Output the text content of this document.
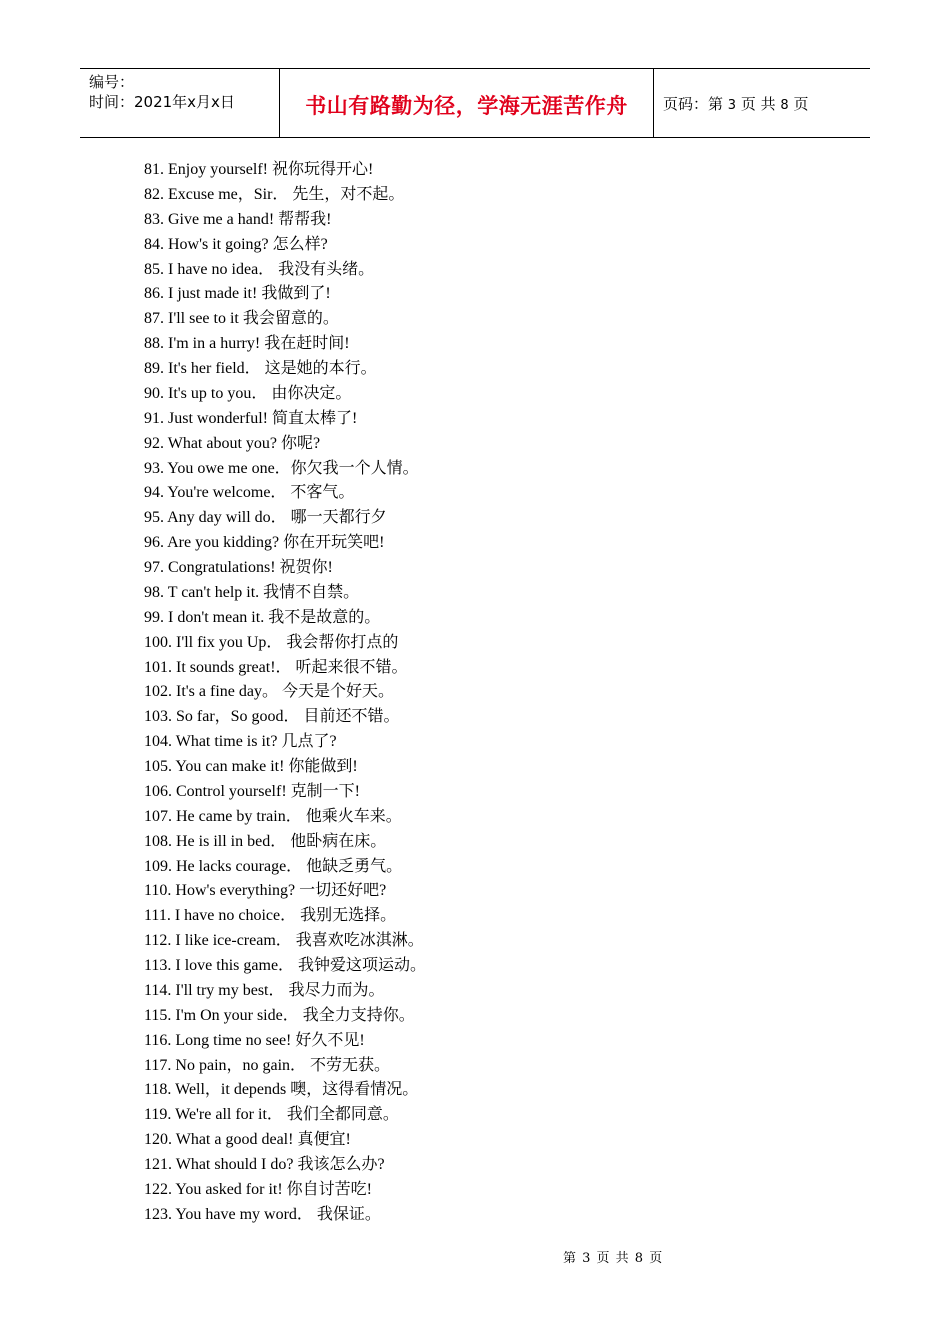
编号：
时间：2021年x月x日	书山有路勤为径，学海无涯苦作舟	页码：第 3 页 共 8 页
81. Enjoy yourself! 祝你玩得开心!
82. Excuse me，Sir． 先生，对不起。
83. Give me a hand! 帮帮我!
84. How's it going? 怎么样?
85. I have no idea． 我没有头绪。
86. I just made it! 我做到了!
87. I'll see to it 我会留意的。
88. I'm in a hurry! 我在赶时间!
89. It's her field． 这是她的本行。
90. It's up to you． 由你决定。
91. Just wonderful! 简直太棒了!
92. What about you? 你呢?
93. You owe me one．你欠我一个人情。
94. You're welcome． 不客气。
95. Any day will do． 哪一天都行夕
96. Are you kidding? 你在开玩笑吧!
97. Congratulations! 祝贺你!
98. T can't help it. 我情不自禁。
99. I don't mean it. 我不是故意的。
100. I'll fix you Up． 我会帮你打点的
101. It sounds great!． 听起来很不错。
102. It's a fine day。 今天是个好天。
103. So far，So good． 目前还不错。
104. What time is it? 几点了?
105. You can make it! 你能做到!
106. Control yourself! 克制一下!
107. He came by train． 他乘火车来。
108. He is ill in bed． 他卧病在床。
109. He lacks courage． 他缺乏勇气。
110. How's everything? 一切还好吧?
111. I have no choice． 我别无选择。
112. I like ice-cream． 我喜欢吃冰淇淋。
113. I love this game． 我钟爱这项运动。
114. I'll try my best． 我尽力而为。
115. I'm On your side． 我全力支持你。
116. Long time no see! 好久不见!
117. No pain，no gain． 不劳无获。
118. Well，it depends 噢，这得看情况。
119. We're all for it． 我们全都同意。
120. What a good deal! 真便宜!
121. What should I do? 我该怎么办?
122. You asked for it! 你自讨苦吃!
123. You have my word． 我保证。
第 3 页 共 8 页
